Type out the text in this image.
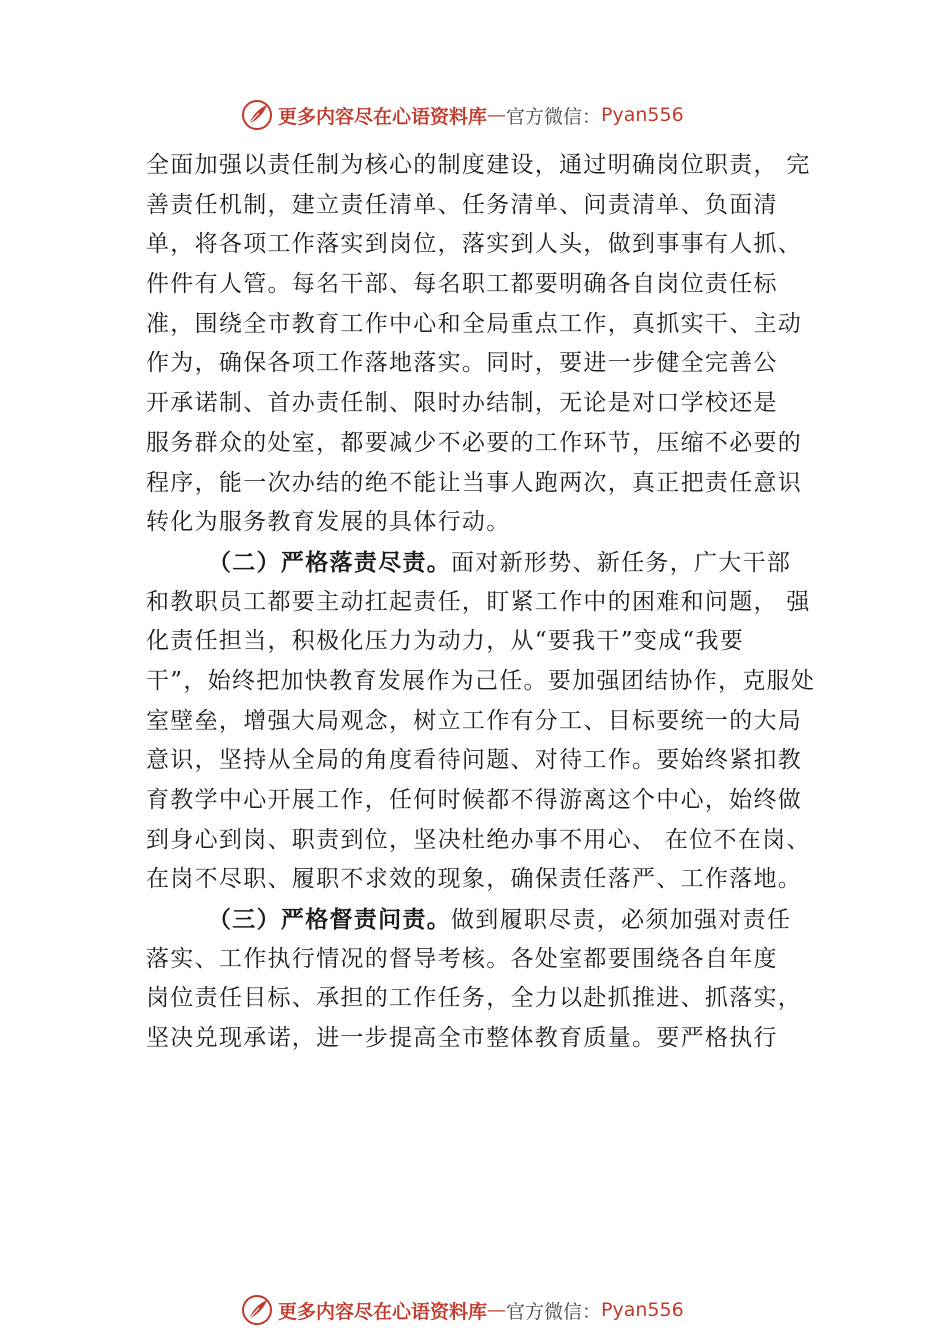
更多内容尽在心语资料库 — 官方微信： Pyan556
全面加强以责任制为核心的制度建设，通过明确岗位职责， 完
善责任机制，建立责任清单、任务清单、问责清单、负面清
单，将各项工作落实到岗位，落实到人头，做到事事有人抓、
件件有人管。每名干部、每名职工都要明确各自岗位责任标
准，围绕全市教育工作中心和全局重点工作，真抓实干、主动
作为，确保各项工作落地落实。同时，要进一步健全完善公
开承诺制、首办责任制、限时办结制，无论是对口学校还是
服务群众的处室，都要减少不必要的工作环节，压缩不必要的
程序，能一次办结的绝不能让当事人跑两次，真正把责任意识
转化为服务教育发展的具体行动。
（二）严格落责尽责。面对新形势、新任务，广大干部
和教职员工都要主动扛起责任，盯紧工作中的困难和问题， 强
化责任担当，积极化压力为动力，从“要我干”变成“我要
干”，始终把加快教育发展作为己任。要加强团结协作，克服处
室壁垒，增强大局观念，树立工作有分工、目标要统一的大局
意识，坚持从全局的角度看待问题、对待工作。要始终紧扣教
育教学中心开展工作，任何时候都不得游离这个中心，始终做
到身心到岗、职责到位，坚决杜绝办事不用心、 在位不在岗、
在岗不尽职、履职不求效的现象，确保责任落严、工作落地。
（三）严格督责问责。做到履职尽责，必须加强对责任
落实、工作执行情况的督导考核。各处室都要围绕各自年度
岗位责任目标、承担的工作任务，全力以赴抓推进、抓落实，
坚决兑现承诺，进一步提高全市整体教育质量。要严格执行
更多内容尽在心语资料库 — 官方微信： Pyan556
